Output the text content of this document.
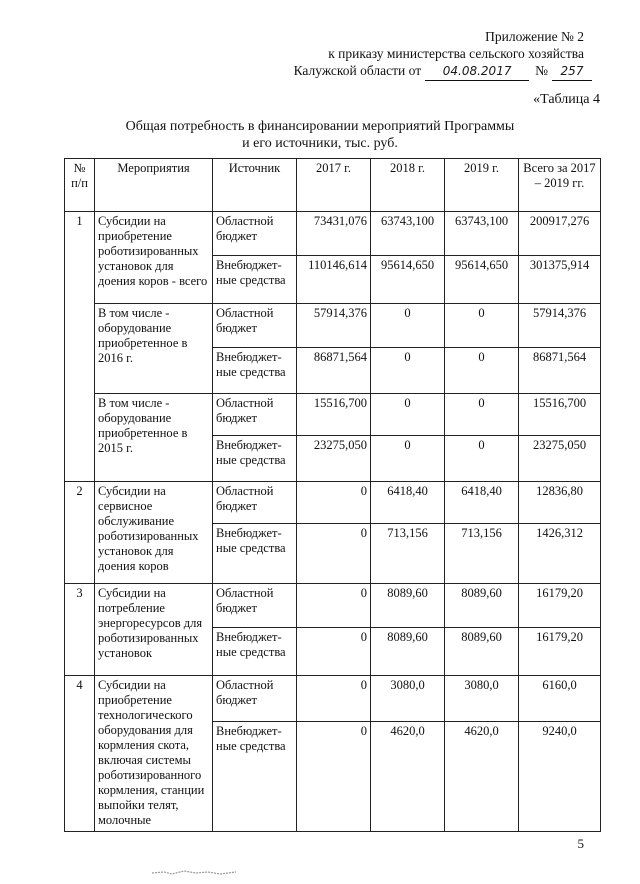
Приложение № 2
к приказу министерства сельского хозяйства
Калужской области от 04.08.2017 № 257
«Таблица 4
Общая потребность в финансировании мероприятий Программы
и его источники, тыс. руб.
№ п/п	Мероприятия	Источник	2017 г.	2018 г.	2019 г.	Всего за 2017 – 2019 гг.
1	Субсидии на приобретение роботизированных установок для доения коров - всего	Областной бюджет	73431,076	63743,100	63743,100	200917,276
		Внебюджет-ные средства	110146,614	95614,650	95614,650	301375,914
	В том числе - оборудование приобретенное в 2016 г.	Областной бюджет	57914,376	0	0	57914,376
		Внебюджет-ные средства	86871,564	0	0	86871,564
	В том числе - оборудование приобретенное в 2015 г.	Областной бюджет	15516,700	0	0	15516,700
		Внебюджет-ные средства	23275,050	0	0	23275,050
2	Субсидии на сервисное обслуживание роботизированных установок для доения коров	Областной бюджет	0	6418,40	6418,40	12836,80
		Внебюджет-ные средства	0	713,156	713,156	1426,312
3	Субсидии на потребление энергоресурсов для роботизированных установок	Областной бюджет	0	8089,60	8089,60	16179,20
		Внебюджет-ные средства	0	8089,60	8089,60	16179,20
4	Субсидии на приобретение технологического оборудования для кормления скота, включая системы роботизированного кормления, станции выпойки телят, молочные	Областной бюджет	0	3080,0	3080,0	6160,0
		Внебюджет-ные средства	0	4620,0	4620,0	9240,0
5
